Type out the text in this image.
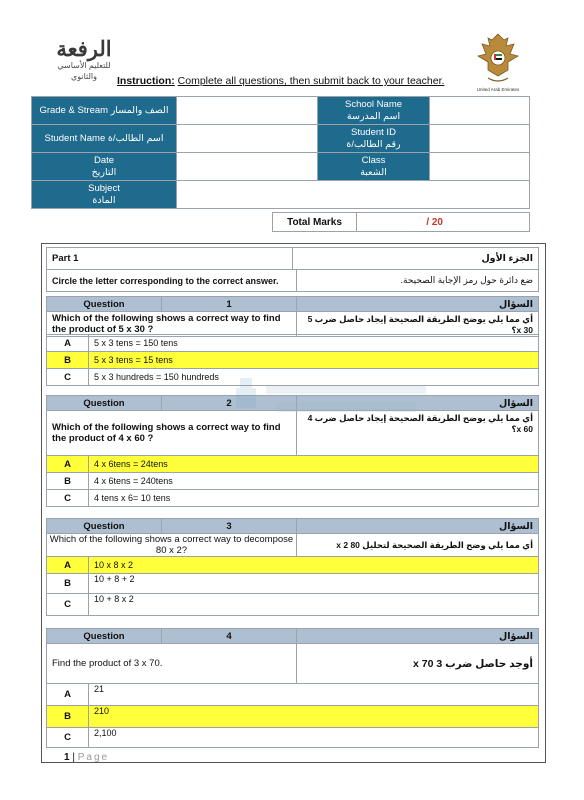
الرفعة
للتعليم الأساسي والثانوي
United Arab Emirates
Instruction: Complete all questions, then submit back to your teacher.
Grade & Stream الصف والمسار		School Name
اسم المدرسة	
Student Name اسم الطالب/ة		Student ID
رقم الطالب/ة	
Date
التاريخ		Class
الشعبة	
Subject
المادة			
Total Marks	/ 20
Part 1	الجزء الأول
Circle the letter corresponding to the correct answer.	ضع دائرة حول رمز الإجابة الصحيحة.
Question	1	السؤال
Which of the following shows a correct way to find the product of 5 x 30 ?	أي مما يلي يوضح الطريقة الصحيحة إيجاد حاصل ضرب 5 x 30؟
A	5 x 3 tens = 150 tens
B	5 x 3 tens = 15 tens
C	5 x 3 hundreds = 150 hundreds
Question	2	السؤال
Which of the following shows a correct way to find the product of 4 x 60 ?	أي مما يلي يوضح الطريقة الصحيحة إيجاد حاصل ضرب 4 x 60؟
A	4 x 6tens = 24tens
B	4 x 6tens = 240tens
C	4 tens x 6= 10 tens
Question	3	السؤال
Which of the following shows a correct way to decompose 80 x 2?	أي مما يلي وضح الطريقة الصحيحة لتحليل 80 x 2
A	10 x 8 x 2
B	10 + 8 + 2
C	10 + 8 x 2
Question	4	السؤال
Find the product of 3 x 70.	أوجد حاصل ضرب 3 x 70
A	21
B	210
C	2,100
1 | Page
